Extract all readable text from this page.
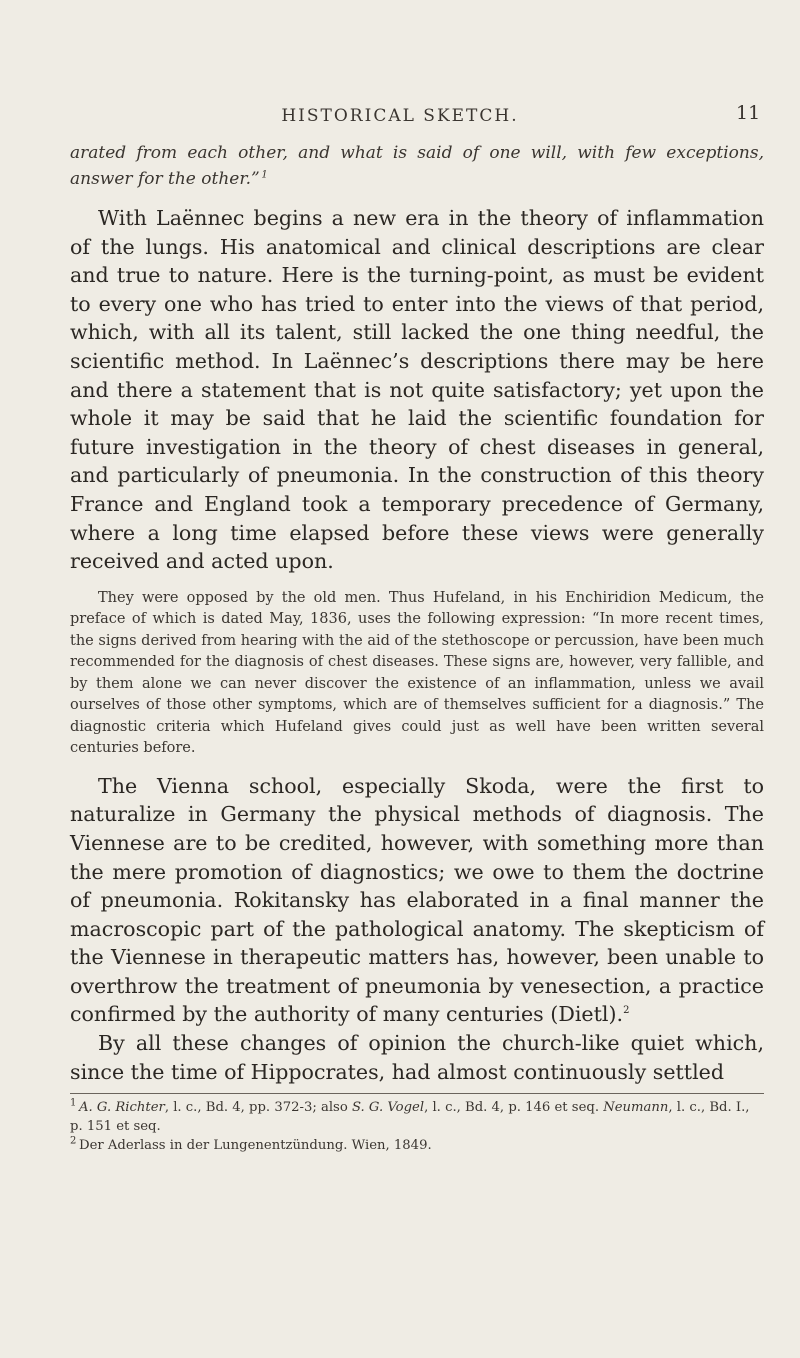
HISTORICAL SKETCH.	11

arated from each other, and what is said of one will, with few exceptions, answer for the other.”  $^1$

With Laënnec begins a new era in the theory of inflammation of the lungs. His anatomical and clinical descriptions are clear and true to nature. Here is the turning-point, as must be evident to every one who has tried to enter into the views of that period, which, with all its talent, still lacked the one thing needful, the scientific method. In Laënnec’s descriptions there may be here and there a statement that is not quite satisfactory; yet upon the whole it may be said that he laid the scientific foundation for future investigation in the theory of chest diseases in general, and particularly of pneumonia. In the construction of this theory France and England took a temporary precedence of Germany, where a long time elapsed before these views were generally received and acted upon.

They were opposed by the old men. Thus Hufeland, in his Enchiridion Medicum, the preface of which is dated May, 1836, uses the following expression: “In more recent times, the signs derived from hearing with the aid of the stethoscope or percussion, have been much recommended for the diagnosis of chest diseases. These signs are, however, very fallible, and by them alone we can never discover the existence of an inflammation, unless we avail ourselves of those other symptoms, which are of themselves sufficient for a diagnosis.” The diagnostic criteria which Hufeland gives could just as well have been written several centuries before.

The Vienna school, especially Skoda, were the first to naturalize in Germany the physical methods of diagnosis. The Viennese are to be credited, however, with something more than the mere promotion of diagnostics; we owe to them the doctrine of pneumonia. Rokitansky has elaborated in a final manner the macroscopic part of the pathological anatomy. The skepticism of the Viennese in therapeutic matters has, however, been unable to overthrow the treatment of pneumonia by venesection, a practice confirmed by the authority of many centuries (Dietl).$^2$

By all these changes of opinion the church-like quiet which, since the time of Hippocrates, had almost continuously settled

$^1$  A. G. Richter, l. c., Bd. 4, pp. 372-3; also S. G. Vogel, l. c., Bd. 4, p. 146 et seq. Neumann, l. c., Bd. I., p. 151 et seq.

$^2$  Der Aderlass in der Lungenentzündung. Wien, 1849.
